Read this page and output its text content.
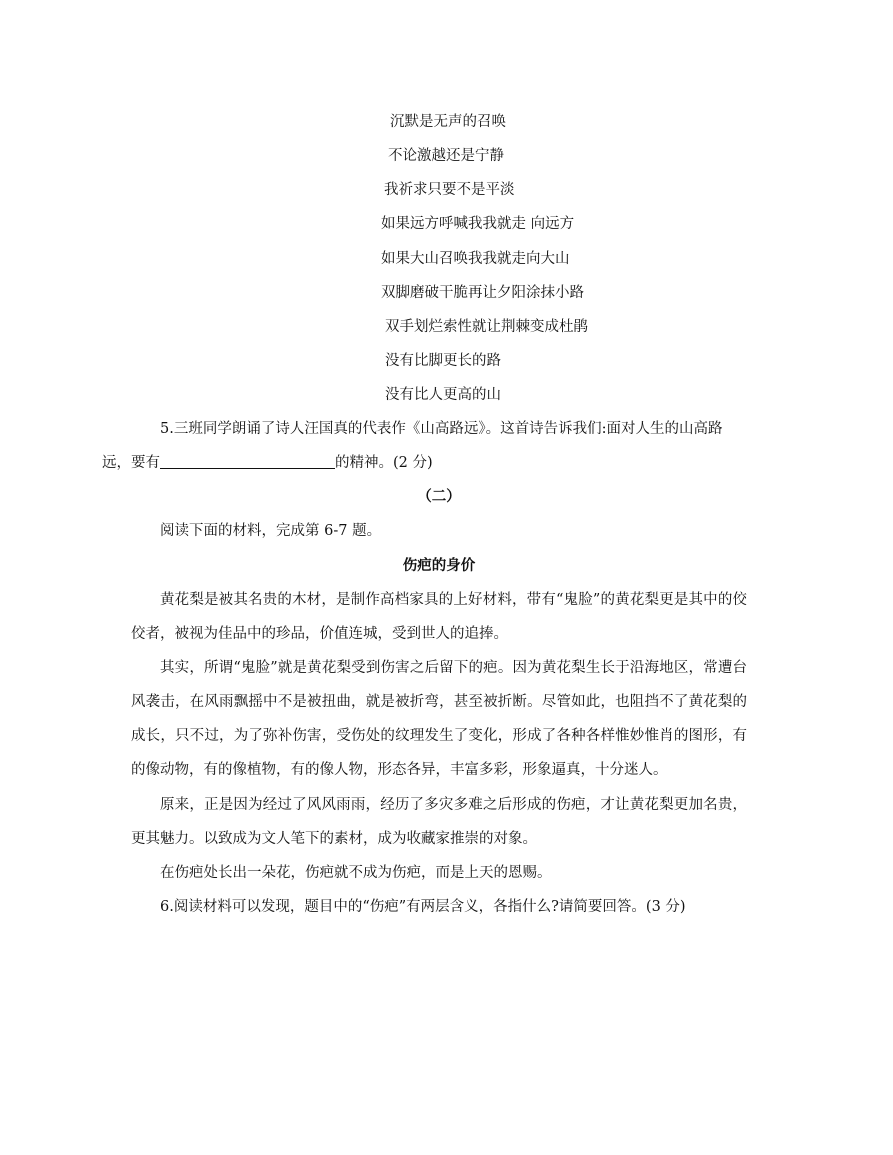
沉默是无声的召唤
不论激越还是宁静
我祈求只要不是平淡
如果远方呼喊我我就走 向远方
如果大山召唤我我就走向大山
双脚磨破干脆再让夕阳涂抹小路
双手划烂索性就让荆棘变成杜鹃
没有比脚更长的路
没有比人更高的山
5.三班同学朗诵了诗人汪国真的代表作《山高路远》。这首诗告诉我们:面对人生的山高路
远，要有	的精神。(2 分)
（二）
阅读下面的材料，完成第 6-7 题。
伤疤的身价
黄花梨是被其名贵的木材，是制作高档家具的上好材料，带有“鬼脸”的黄花梨更是其中的佼佼者，被视为佳品中的珍品，价值连城，受到世人的追捧。
其实，所谓“鬼脸”就是黄花梨受到伤害之后留下的疤。因为黄花梨生长于沿海地区，常遭台风袭击，在风雨飘摇中不是被扭曲，就是被折弯，甚至被折断。尽管如此，也阻挡不了黄花梨的成长，只不过，为了弥补伤害，受伤处的纹理发生了变化，形成了各种各样惟妙惟肖的图形，有的像动物，有的像植物，有的像人物，形态各异，丰富多彩，形象逼真，十分迷人。
原来，正是因为经过了风风雨雨，经历了多灾多难之后形成的伤疤，才让黄花梨更加名贵，更其魅力。以致成为文人笔下的素材，成为收藏家推崇的对象。
在伤疤处长出一朵花，伤疤就不成为伤疤，而是上天的恩赐。
6.阅读材料可以发现，题目中的“伤疤”有两层含义，各指什么?请简要回答。(3 分)
